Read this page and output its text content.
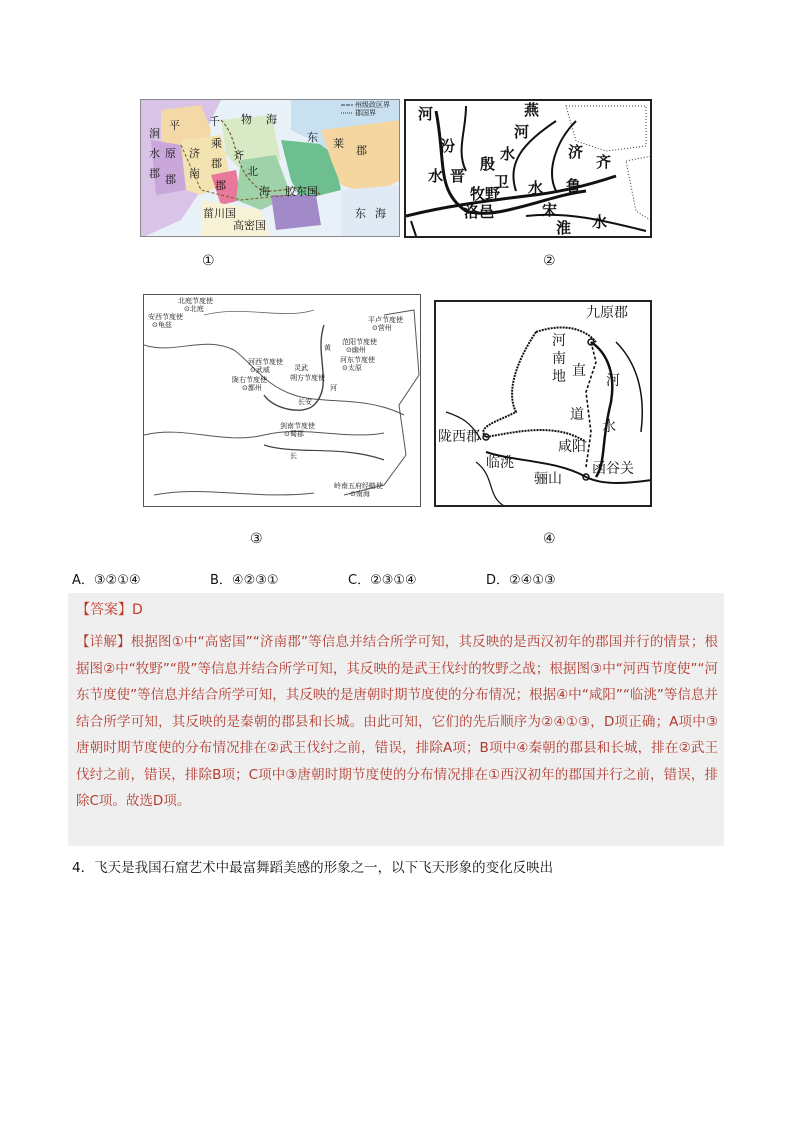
州级政区界
郡国界
平	千 物 海
东 莱
郡
原 济
乘
南
郡
齐
北
海 胶东国
郡
郡
菑川国
高密国
东 海
涧
水
郡
①
河	燕
河
汾
殷
水
卫
济
齐
水 晋
牧野 水 鲁
洛邑	宋
水
淮
②
北庭节度使
⊙北庭
安西节度使
⊙龟兹
平卢节度使
⊙营州
范阳节度使
⊙幽州
河西节度使
⊙武威
河东节度使
⊙太原
陇右节度使
⊙鄯州
灵武
朔方节度使
长安
剑南节度使
⊙蜀郡
岭南五府经略使
⊙南海
黄
河
长
③
九原郡
河
南
地 直
河
水
道
陇西郡
咸阳
临洮
骊山
函谷关
④
A．③②①④	B．④②③①	C．②③①④	D．②④①③
【答案】D
【详解】根据图①中“高密国”“济南郡”等信息并结合所学可知，其反映的是西汉初年的郡国并行的情景；根据图②中“牧野”“殷”等信息并结合所学可知，其反映的是武王伐纣的牧野之战；根据图③中“河西节度使”“河东节度使”等信息并结合所学可知，其反映的是唐朝时期节度使的分布情况；根据④中“咸阳”“临洮”等信息并结合所学可知，其反映的是秦朝的郡县和长城。由此可知，它们的先后顺序为②④①③，D项正确；A项中③唐朝时期节度使的分布情况排在②武王伐纣之前，错误，排除A项；B项中④秦朝的郡县和长城，排在②武王伐纣之前，错误，排除B项；C项中③唐朝时期节度使的分布情况排在①西汉初年的郡国并行之前，错误，排除C项。故选D项。
4．飞天是我国石窟艺术中最富舞蹈美感的形象之一，以下飞天形象的变化反映出
